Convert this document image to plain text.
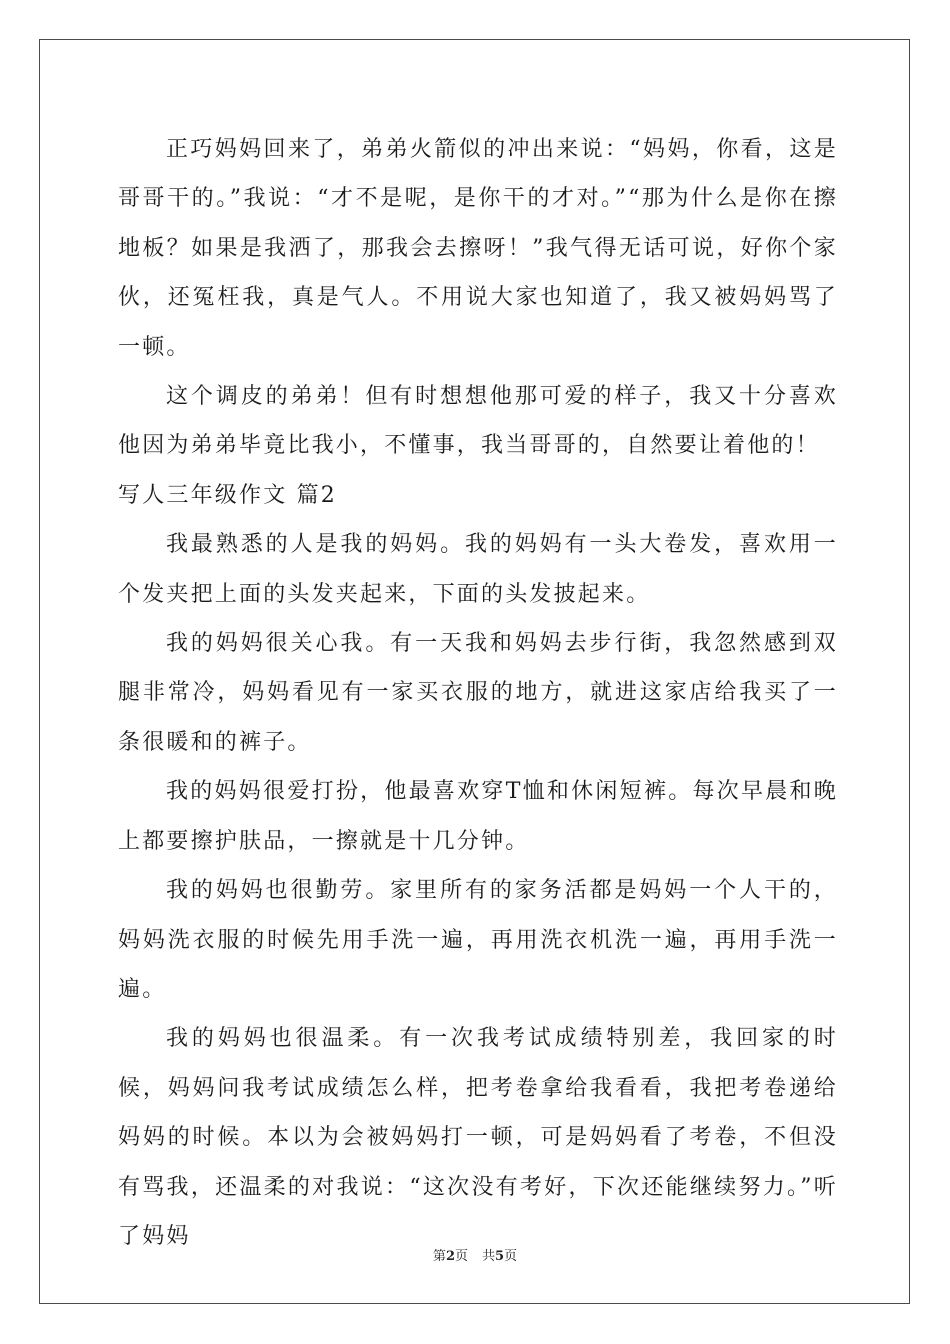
正巧妈妈回来了，弟弟火箭似的冲出来说：“妈妈，你看，这是哥哥干的。”我说：“才不是呢，是你干的才对。”“那为什么是你在擦地板？如果是我洒了，那我会去擦呀！”我气得无话可说，好你个家伙，还冤枉我，真是气人。不用说大家也知道了，我又被妈妈骂了一顿。

这个调皮的弟弟！但有时想想他那可爱的样子，我又十分喜欢他因为弟弟毕竟比我小，不懂事，我当哥哥的，自然要让着他的！

写人三年级作文 篇2

我最熟悉的人是我的妈妈。我的妈妈有一头大卷发，喜欢用一个发夹把上面的头发夹起来，下面的头发披起来。

我的妈妈很关心我。有一天我和妈妈去步行街，我忽然感到双腿非常冷，妈妈看见有一家买衣服的地方，就进这家店给我买了一条很暖和的裤子。

我的妈妈很爱打扮，他最喜欢穿T恤和休闲短裤。每次早晨和晚上都要擦护肤品，一擦就是十几分钟。

我的妈妈也很勤劳。家里所有的家务活都是妈妈一个人干的，妈妈洗衣服的时候先用手洗一遍，再用洗衣机洗一遍，再用手洗一遍。

我的妈妈也很温柔。有一次我考试成绩特别差，我回家的时候，妈妈问我考试成绩怎么样，把考卷拿给我看看，我把考卷递给妈妈的时候。本以为会被妈妈打一顿，可是妈妈看了考卷，不但没有骂我，还温柔的对我说：“这次没有考好，下次还能继续努力。”听了妈妈

第2页 共5页
